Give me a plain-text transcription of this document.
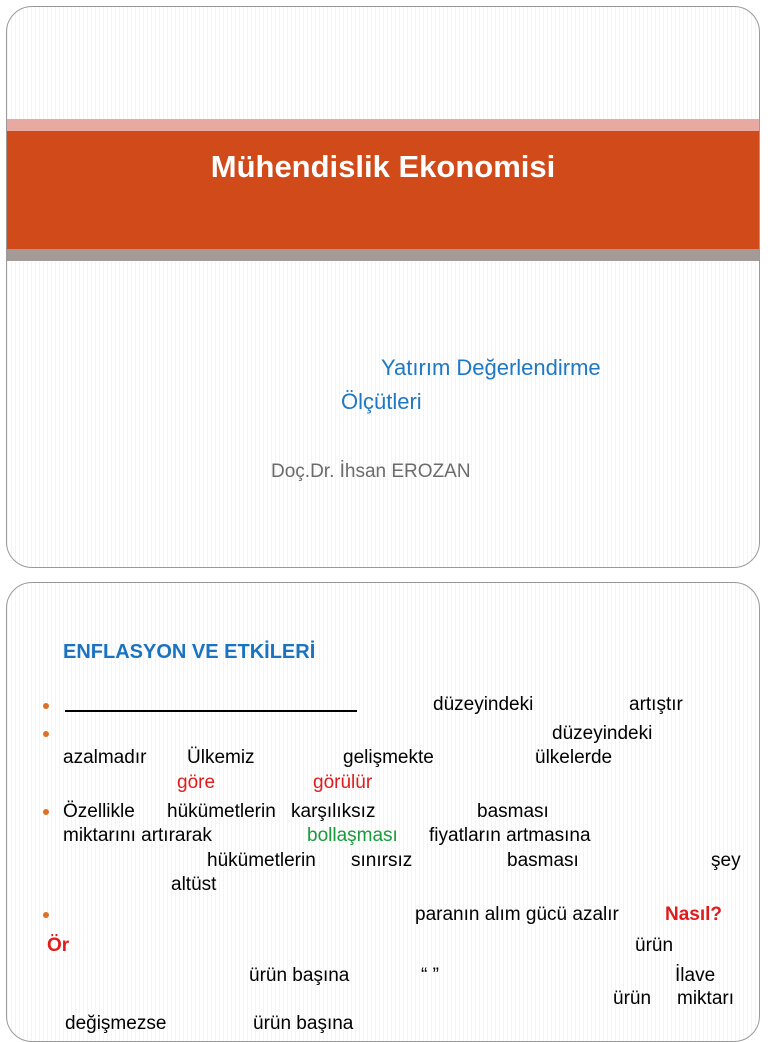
Mühendislik Ekonomisi
Yatırım Değerlendirme
Ölçütleri
Doç.Dr. İhsan EROZAN
ENFLASYON VE ETKİLERİ
düzeyindeki	artıştır
düzeyindeki
azalmadır Ülkemiz	gelişmekte	ülkelerde
göre	görülür
Özellikle hükümetlerin karşılıksız	basması
miktarını artırarak	bollaşması fiyatların artmasına
hükümetlerin sınırsız	basması	şey
altüst
paranın alım gücü azalır Nasıl?
Ör	ürün
ürün başına	“ ”	İlave
ürün miktarı
değişmezse	ürün başına
